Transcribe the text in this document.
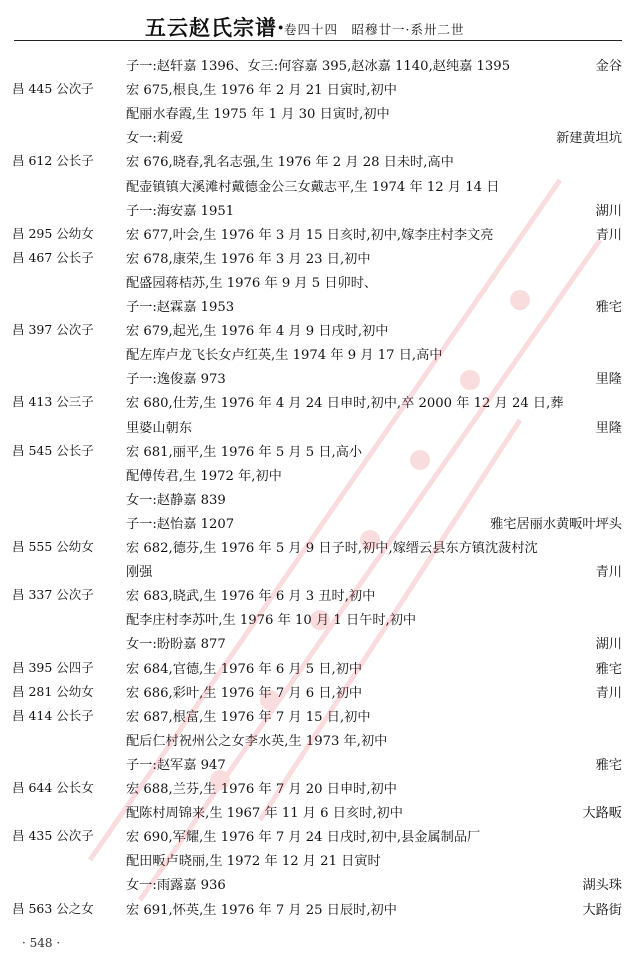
五云赵氏宗谱·
卷四十四　昭穆廿一·系卅二世
子一:赵轩嘉 1396、女三:何容嘉 395,赵冰嘉 1140,赵纯嘉 1395	金谷
昌 445 公次子 宏 675,根良,生 1976 年 2 月 21 日寅时,初中
配丽水春霞,生 1975 年 1 月 30 日寅时,初中
女一:莉爱	新建黄坦坑
昌 612 公长子 宏 676,晓春,乳名志强,生 1976 年 2 月 28 日未时,高中
配壶镇镇大溪滩村戴德金公三女戴志平,生 1974 年 12 月 14 日
子一:海安嘉 1951	湖川
昌 295 公幼女 宏 677,叶会,生 1976 年 3 月 15 日亥时,初中,嫁李庄村李文亮	青川
昌 467 公长子 宏 678,康荣,生 1976 年 3 月 23 日,初中
配盛园蒋桔苏,生 1976 年 9 月 5 日卯时、
子一:赵霖嘉 1953	雅宅
昌 397 公次子 宏 679,起光,生 1976 年 4 月 9 日戌时,初中
配左库卢龙飞长女卢红英,生 1974 年 9 月 17 日,高中
子一:逸俊嘉 973	里隆
昌 413 公三子 宏 680,仕芳,生 1976 年 4 月 24 日申时,初中,卒 2000 年 12 月 24 日,葬
里婆山朝东	里隆
昌 545 公长子 宏 681,丽平,生 1976 年 5 月 5 日,高小
配傅传君,生 1972 年,初中
女一:赵静嘉 839
子一:赵怡嘉 1207	雅宅居丽水黄畈叶坪头
昌 555 公幼女 宏 682,德芬,生 1976 年 5 月 9 日子时,初中,嫁缙云县东方镇沈菠村沈
刚强	青川
昌 337 公次子 宏 683,晓武,生 1976 年 6 月 3 丑时,初中
配李庄村李苏叶,生 1976 年 10 月 1 日午时,初中
女一:盼盼嘉 877	湖川
昌 395 公四子 宏 684,官德,生 1976 年 6 月 5 日,初中	雅宅
昌 281 公幼女 宏 686,彩叶,生 1976 年 7 月 6 日,初中	青川
昌 414 公长子 宏 687,根富,生 1976 年 7 月 15 日,初中
配后仁村祝州公之女李水英,生 1973 年,初中
子一:赵军嘉 947	雅宅
昌 644 公长女 宏 688,兰芬,生 1976 年 7 月 20 日申时,初中
配陈村周锦来,生 1967 年 11 月 6 日亥时,初中	大路畈
昌 435 公次子 宏 690,军耀,生 1976 年 7 月 24 日戌时,初中,县金属制品厂
配田畈卢晓丽,生 1972 年 12 月 21 日寅时
女一:雨露嘉 936	湖头珠
昌 563 公之女 宏 691,怀英,生 1976 年 7 月 25 日辰时,初中	大路街
· 548 ·
